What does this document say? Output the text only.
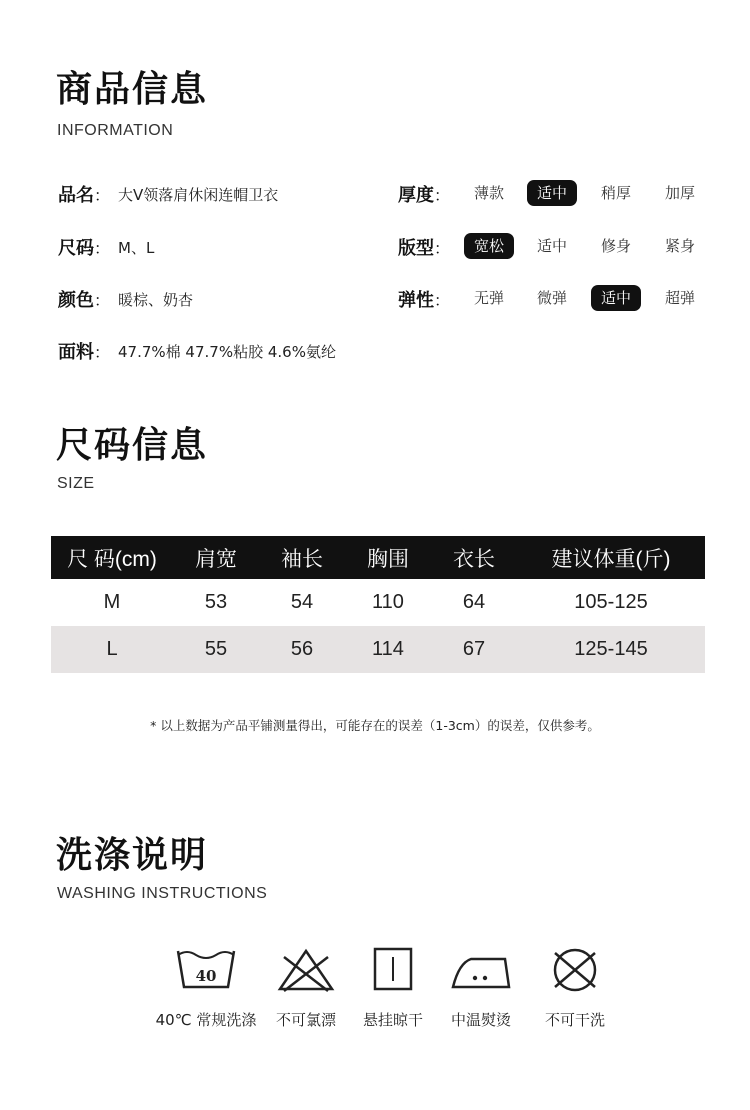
商品信息
INFORMATION
品名 ： 大V领落肩休闲连帽卫衣
尺码 ： M、L
颜色 ： 暖棕、奶杏
面料 ： 47.7%棉 47.7%粘胶 4.6%氨纶
厚度 ：	薄款	适中	稍厚	加厚
版型 ：	宽松	适中	修身	紧身
弹性 ：	无弹	微弹	适中	超弹
尺码信息
SIZE
尺 码(cm)	肩宽	袖长	胸围	衣长	建议体重(斤)
M	53	54	110	64	105-125
L	55	56	114	67	125-145
* 以上数据为产品平铺测量得出，可能存在的误差（1-3cm）的误差，仅供参考。
洗涤说明
WASHING INSTRUCTIONS
40
40℃ 常规洗涤	不可氯漂	悬挂晾干	中温熨烫	不可干洗
